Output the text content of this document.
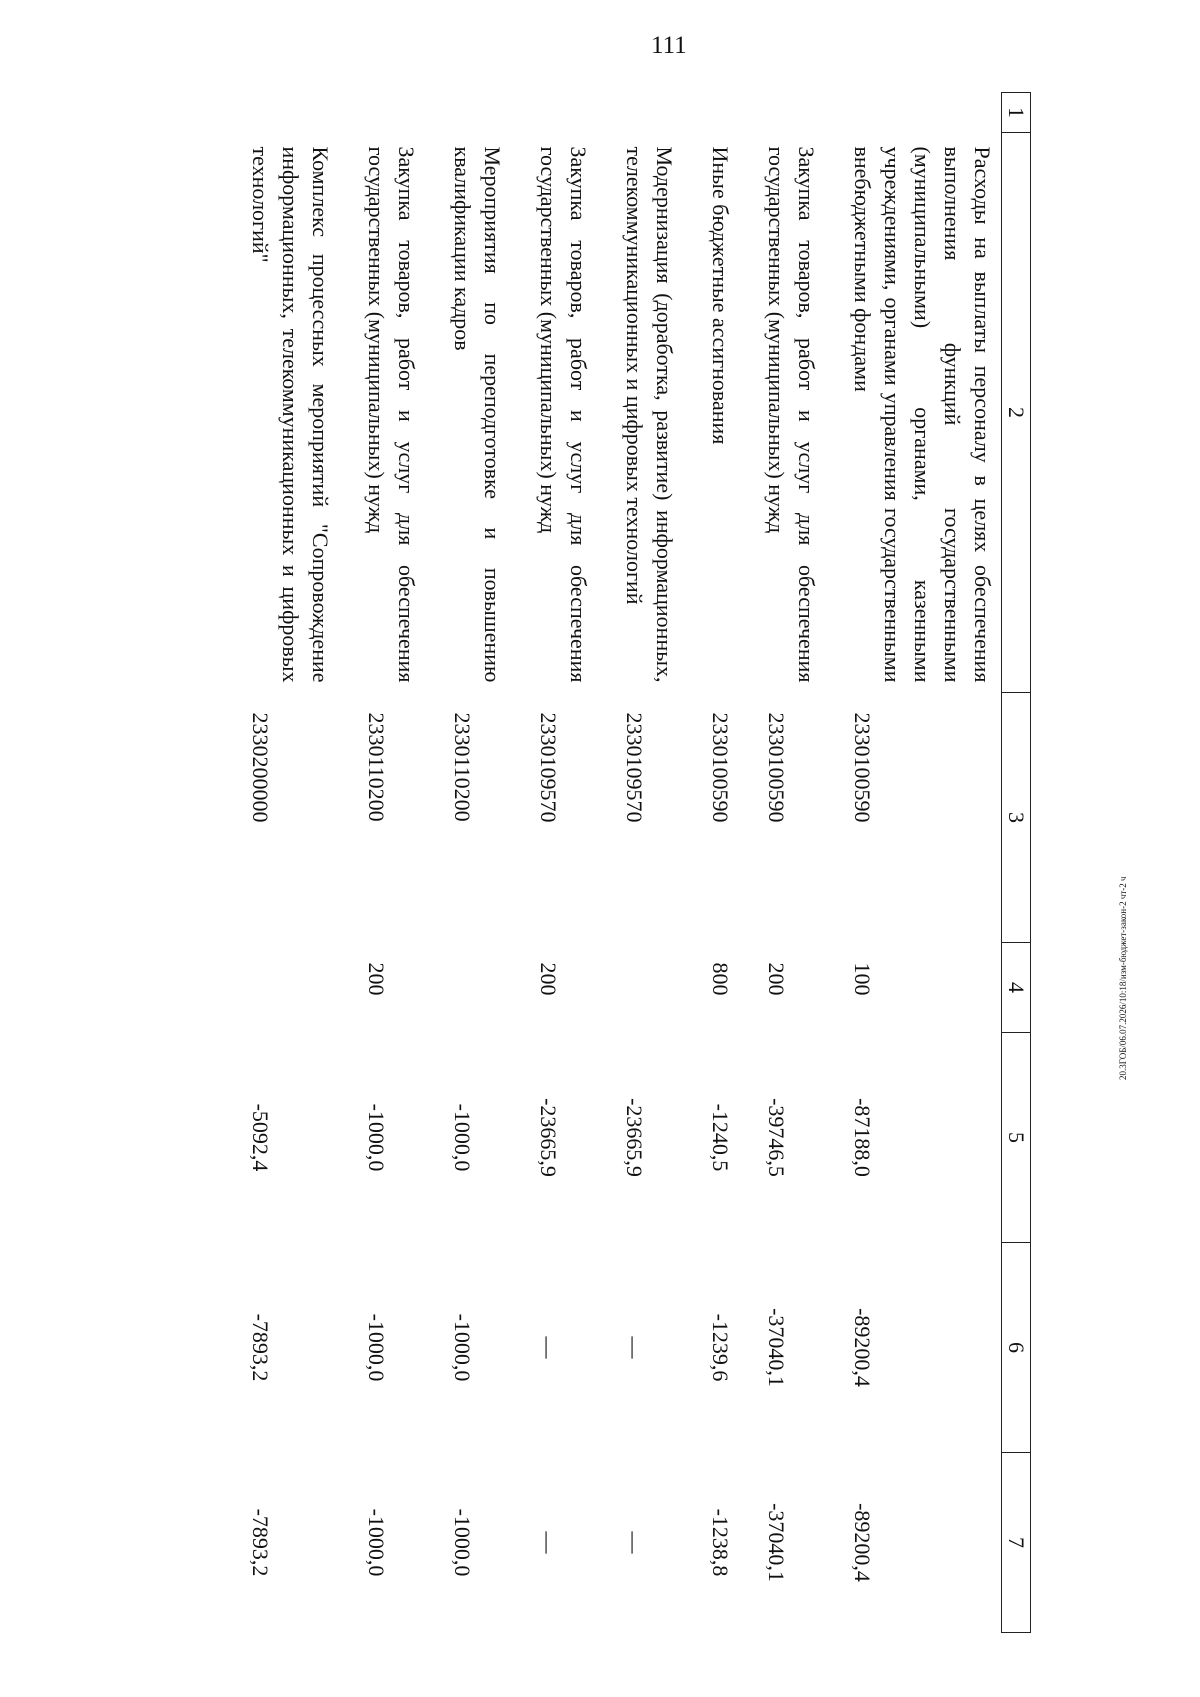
111
1	2	3	4	5	6	7
	Расходы на выплаты персоналу в целях обеспечения выполнения функций государственными (муниципальными) органами, казенными учреждениями, органами управления государственными внебюджетными фондами	2330100590	100	-87188,0	-89200,4	-89200,4
	Закупка товаров, работ и услуг для обеспечения государственных (муниципальных) нужд	2330100590	200	-39746,5	-37040,1	-37040,1
	Иные бюджетные ассигнования	2330100590	800	-1240,5	-1239,6	-1238,8
	Модернизация (доработка, развитие) информационных, телекоммуникационных и цифровых технологий	2330109570		-23665,9	—	—
	Закупка товаров, работ и услуг для обеспечения государственных (муниципальных) нужд	2330109570	200	-23665,9	—	—
	Мероприятия по переподготовке и повышению квалификации кадров	2330110200		-1000,0	-1000,0	-1000,0
	Закупка товаров, работ и услуг для обеспечения государственных (муниципальных) нужд	2330110200	200	-1000,0	-1000,0	-1000,0
	Комплекс процессных мероприятий "Сопровождение информационных, телекоммуникационных и цифровых технологий"	2330200000		-5092,4	-7893,2	-7893,2
20.3ГОБ/06.07.2026/10:18/изм-бюджет-закон-2 чт-2 ч
